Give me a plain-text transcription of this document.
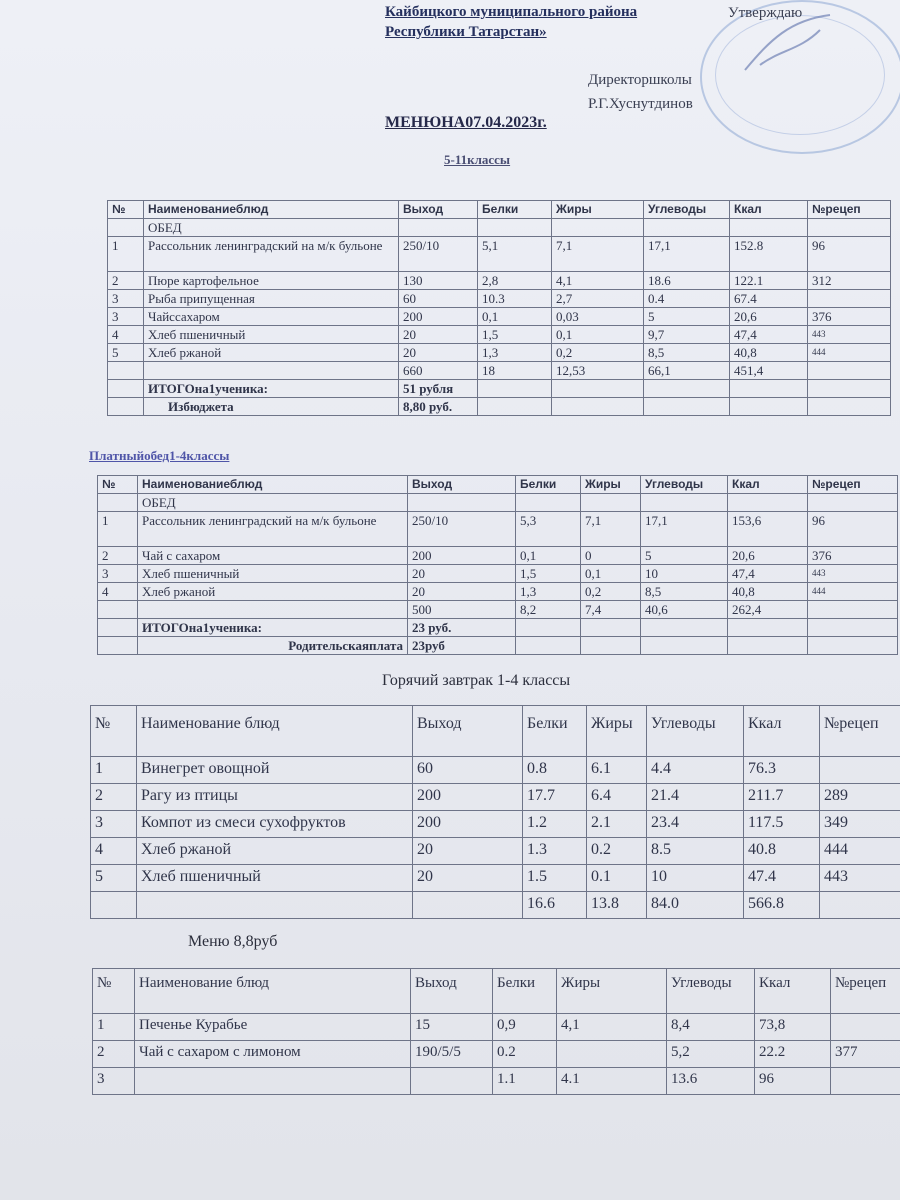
Кайбицкого муниципального района
Республики Татарстан»
Утверждаю
Директоршколы
Р.Г.Хуснутдинов
МЕНЮНА07.04.2023г.
5-11классы
№	Наименованиеблюд	Выход	Белки	Жиры	Углеводы	Ккал	№рецеп
	ОБЕД						
1	Рассольник ленинградский на м/к бульоне	250/10	5,1	7,1	17,1	152.8	96
2	Пюре картофельное	130	2,8	4,1	18.6	122.1	312
3	Рыба припущенная	60	10.3	2,7	0.4	67.4	
3	Чайссахаром	200	0,1	0,03	5	20,6	376
4	Хлеб пшеничный	20	1,5	0,1	9,7	47,4	443
5	Хлеб ржаной	20	1,3	0,2	8,5	40,8	444
		660	18	12,53	66,1	451,4	
	ИТОГОна1ученика:	51 рубля					
	Избюджета	8,80 руб.					
Платныйобед1-4классы
№	Наименованиеблюд	Выход	Белки	Жиры	Углеводы	Ккал	№рецеп
	ОБЕД						
1	Рассольник ленинградский на м/к бульоне	250/10	5,3	7,1	17,1	153,6	96
2	Чай с сахаром	200	0,1	0	5	20,6	376
3	Хлеб пшеничный	20	1,5	0,1	10	47,4	443
4	Хлеб ржаной	20	1,3	0,2	8,5	40,8	444
		500	8,2	7,4	40,6	262,4	
	ИТОГОна1ученика:	23 руб.					
	Родительскаяплата	23руб					
Горячий завтрак 1-4 классы
№	Наименование блюд	Выход	Белки	Жиры	Углеводы	Ккал	№рецеп
1	Винегрет овощной	60	0.8	6.1	4.4	76.3	
2	Рагу из птицы	200	17.7	6.4	21.4	211.7	289
3	Компот из смеси сухофруктов	200	1.2	2.1	23.4	117.5	349
4	Хлеб ржаной	20	1.3	0.2	8.5	40.8	444
5	Хлеб пшеничный	20	1.5	0.1	10	47.4	443
			16.6	13.8	84.0	566.8	
Меню 8,8руб
№	Наименование блюд	Выход	Белки	Жиры	Углеводы	Ккал	№рецеп
1	Печенье Курабье	15	0,9	4,1	8,4	73,8	
2	Чай с сахаром с лимоном	190/5/5	0.2		5,2	22.2	377
3			1.1	4.1	13.6	96	
